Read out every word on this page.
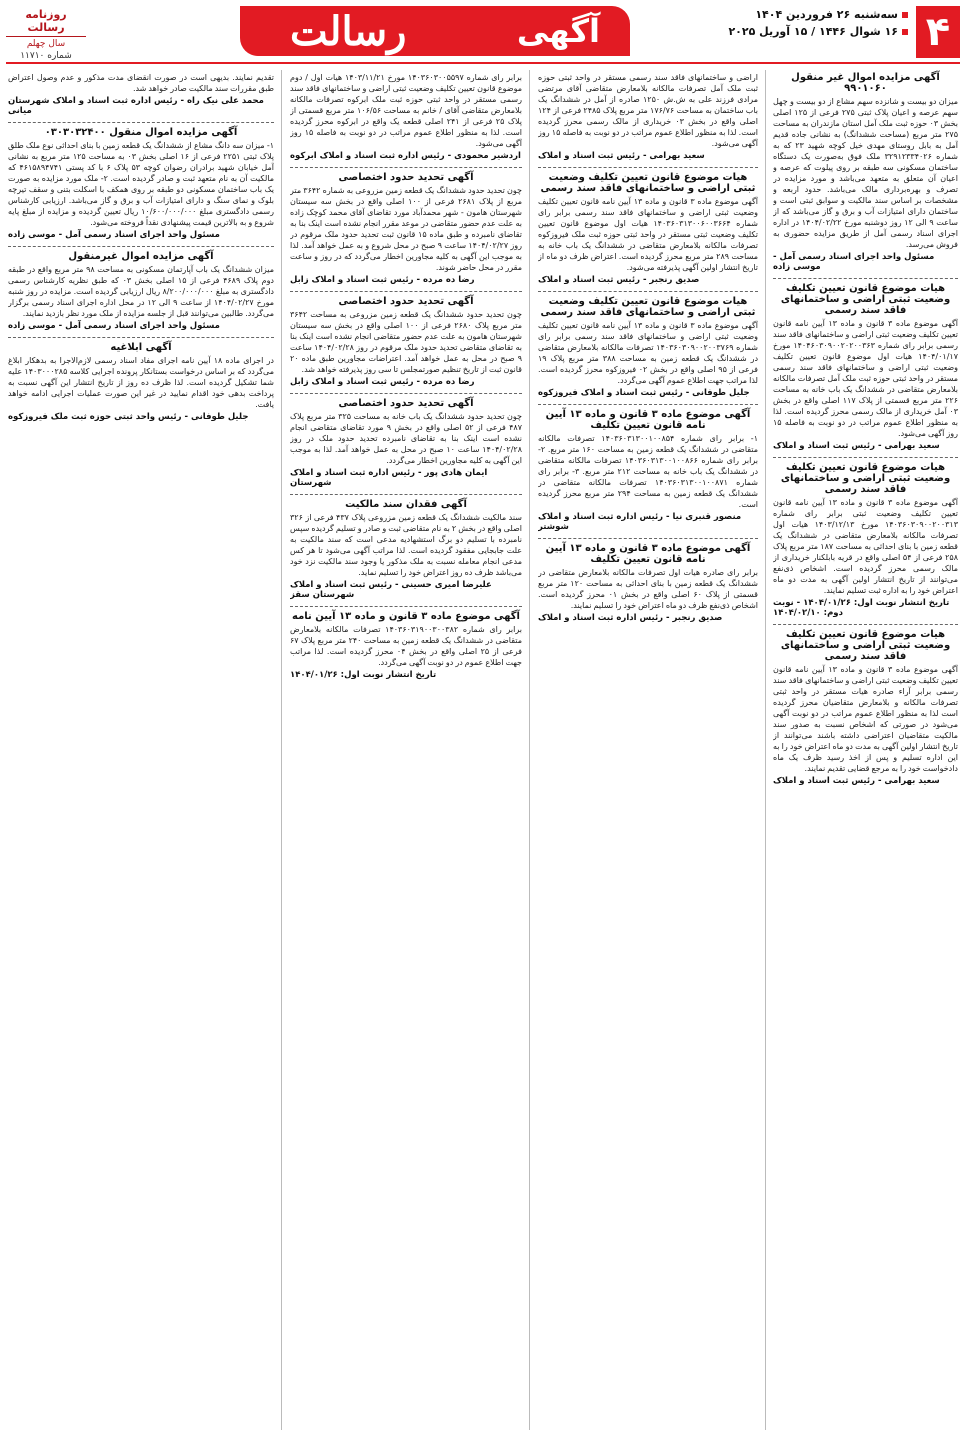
۴
سه‌شنبه ۲۶ فروردین ۱۴۰۴
۱۶ شوال ۱۴۴۶ / ۱۵ آوریل ۲۰۲۵
آگهی
رسالت
روزنامه رسالت
سال چهلم
شماره ۱۱۷۱۰
آگهی مزایده اموال غیر منقول ۹۹۰۱۰۶۰
میزان دو بیست و شانزده سهم مشاع از دو بیست و چهل سهم عرصه و اعیان پلاک ثبتی ۲۷۵ فرعی از ۱۲۵ اصلی بخش ۰۳ حوزه ثبت ملک آمل استان مازندران به مساحت ۲۷۵ متر مربع (مساحت ششدانگ) به نشانی جاده قدیم آمل به بابل روستای مهدی خیل کوچه شهید ۲۳ که به شماره ۳۲۹۱۲۳۳۴۰۲۶ ملک فوق به‌صورت یک دستگاه ساختمان مسکونی سه طبقه بر روی پیلوت که عرصه و اعیان آن متعلق به متعهد می‌باشد و مورد مزایده در تصرف و بهره‌برداری مالک می‌باشد. حدود اربعه و مشخصات بر اساس سند مالکیت و سوابق ثبتی است و ساختمان دارای امتیازات آب و برق و گاز می‌باشد که از ساعت ۹ الی ۱۲ روز دوشنبه مورخ ۱۴۰۴/۰۲/۲۲ در اداره اجرای اسناد رسمی آمل از طریق مزایده حضوری به فروش می‌رسد.
مسئول واحد اجرای اسناد رسمی آمل - موسی زاده
هیات موضوع قانون تعیین تکلیف وضعیت ثبتی اراضی و ساختمانهای فاقد سند رسمی
آگهی موضوع ماده ۳ قانون و ماده ۱۳ آیین نامه قانون تعیین تکلیف وضعیت ثبتی اراضی و ساختمانهای فاقد سند رسمی برابر رای شماره ۱۴۰۴۶۰۳۰۹۰۰۲۰۲۰۰۳۶۳ مورخ ۱۴۰۴/۰۱/۱۷ هیات اول موضوع قانون تعیین تکلیف وضعیت ثبتی اراضی و ساختمانهای فاقد سند رسمی مستقر در واحد ثبتی حوزه ثبت ملک آمل تصرفات مالکانه بلامعارض متقاضی در ششدانگ یک باب خانه به مساحت ۲۲۶ متر مربع قسمتی از پلاک ۱۱۷ اصلی واقع در بخش ۰۳ آمل خریداری از مالک رسمی محرز گردیده است. لذا به منظور اطلاع عموم مراتب در دو نوبت به فاصله ۱۵ روز آگهی می‌شود.
سعید بهرامی - رئیس ثبت اسناد و املاک
هیات موضوع قانون تعیین تکلیف وضعیت ثبتی اراضی و ساختمانهای فاقد سند رسمی
آگهی موضوع ماده ۳ قانون و ماده ۱۳ آیین نامه قانون تعیین تکلیف وضعیت ثبتی برابر رای شماره ۱۴۰۳۶۰۳۰۹۰۰۲۰۰۳۱۳ مورخ ۱۴۰۳/۱۲/۱۳ هیات اول تصرفات مالکانه بلامعارض متقاضی در ششدانگ یک قطعه زمین با بنای احداثی به مساحت ۱۸۷ متر مربع پلاک ۲۵۸ فرعی از ۵۴ اصلی واقع در قریه بابلکنار خریداری از مالک رسمی محرز گردیده است. اشخاص ذی‌نفع می‌توانند از تاریخ انتشار اولین آگهی به مدت دو ماه اعتراض خود را به اداره ثبت تسلیم نمایند.
تاریخ انتشار نوبت اول: ۱۴۰۴/۰۱/۲۶ - نوبت دوم: ۱۴۰۴/۰۲/۱۰
هیات موضوع قانون تعیین تکلیف وضعیت ثبتی اراضی و ساختمانهای فاقد سند رسمی
آگهی موضوع ماده ۳ قانون و ماده ۱۳ آیین نامه قانون تعیین تکلیف وضعیت ثبتی اراضی و ساختمانهای فاقد سند رسمی برابر آراء صادره هیات مستقر در واحد ثبتی تصرفات مالکانه و بلامعارض متقاضیان محرز گردیده است لذا به منظور اطلاع عموم مراتب در دو نوبت آگهی می‌شود در صورتی که اشخاص نسبت به صدور سند مالکیت متقاضیان اعتراضی داشته باشند می‌توانند از تاریخ انتشار اولین آگهی به مدت دو ماه اعتراض خود را به این اداره تسلیم و پس از اخذ رسید ظرف یک ماه دادخواست خود را به مرجع قضایی تقدیم نمایند.
سعید بهرامی - رئیس ثبت اسناد و املاک
اراضی و ساختمانهای فاقد سند رسمی مستقر در واحد ثبتی حوزه ثبت ملک آمل تصرفات مالکانه بلامعارض متقاضی آقای مرتضی مرادی فرزند علی به ش.ش ۱۲۵۰ صادره از آمل در ششدانگ یک باب ساختمان به مساحت ۱۷۶/۷۶ متر مربع پلاک ۲۴۸۵ فرعی از ۱۲۴ اصلی واقع در بخش ۰۳ خریداری از مالک رسمی محرز گردیده است. لذا به منظور اطلاع عموم مراتب در دو نوبت به فاصله ۱۵ روز آگهی می‌شود.
سعید بهرامی - رئیس ثبت اسناد و املاک
هیات موضوع قانون تعیین تکلیف وضعیت ثبتی اراضی و ساختمانهای فاقد سند رسمی
آگهی موضوع ماده ۳ قانون و ماده ۱۳ آیین نامه قانون تعیین تکلیف وضعیت ثبتی اراضی و ساختمانهای فاقد سند رسمی برابر رای شماره ۱۴۰۳۶۰۳۱۳۰۰۶۰۰۳۶۶۴ هیات اول موضوع قانون تعیین تکلیف وضعیت ثبتی مستقر در واحد ثبتی حوزه ثبت ملک فیروزکوه تصرفات مالکانه بلامعارض متقاضی در ششدانگ یک باب خانه به مساحت ۲۸۹ متر مربع محرز گردیده است. اعتراض ظرف دو ماه از تاریخ انتشار اولین آگهی پذیرفته می‌شود.
صدیق رنجبر - رئیس ثبت اسناد و املاک
هیات موضوع قانون تعیین تکلیف وضعیت ثبتی اراضی و ساختمانهای فاقد سند رسمی
آگهی موضوع ماده ۳ قانون و ماده ۱۳ آیین نامه قانون تعیین تکلیف وضعیت ثبتی اراضی و ساختمانهای فاقد سند رسمی برابر رای شماره ۱۴۰۳۶۰۳۰۹۰۰۲۰۰۳۷۶۹ تصرفات مالکانه بلامعارض متقاضی در ششدانگ یک قطعه زمین به مساحت ۳۸۸ متر مربع پلاک ۱۹ فرعی از ۹۵ اصلی واقع در بخش ۰۲ فیروزکوه محرز گردیده است. لذا مراتب جهت اطلاع عموم آگهی می‌گردد.
جلیل طوفانی - رئیس ثبت اسناد و املاک فیروزکوه
آگهی موضوع ماده ۳ قانون و ماده ۱۳ آیین نامه قانون تعیین تکلیف
۱- برابر رای شماره ۱۴۰۳۶۰۳۱۳۰۰۱۰۰۸۵۴ تصرفات مالکانه متقاضی در ششدانگ یک قطعه زمین به مساحت ۱۶۰ متر مربع. ۲- برابر رای شماره ۱۴۰۳۶۰۳۱۳۰۰۱۰۰۸۶۶ تصرفات مالکانه متقاضی در ششدانگ یک باب خانه به مساحت ۲۱۲ متر مربع. ۳- برابر رای شماره ۱۴۰۳۶۰۳۱۳۰۰۱۰۰۸۷۱ تصرفات مالکانه متقاضی در ششدانگ یک قطعه زمین به مساحت ۲۹۴ متر مربع محرز گردیده است.
منصور قنبری نیا - رئیس اداره ثبت اسناد و املاک شوشتر
آگهی موضوع ماده ۳ قانون و ماده ۱۳ آیین نامه قانون تعیین تکلیف
برابر رای صادره هیات اول تصرفات مالکانه بلامعارض متقاضی در ششدانگ یک قطعه زمین با بنای احداثی به مساحت ۱۲۰ متر مربع قسمتی از پلاک ۶۰ اصلی واقع در بخش ۰۱ محرز گردیده است. اشخاص ذی‌نفع ظرف دو ماه اعتراض خود را تسلیم نمایند.
صدیق رنجبر - رئیس اداره ثبت اسناد و املاک
برابر رای شماره ۱۴۰۳۶۰۳۰۰۵۵۹۷ مورخ ۱۴۰۳/۱۱/۲۱ هیات اول / دوم موضوع قانون تعیین تکلیف وضعیت ثبتی اراضی و ساختمانهای فاقد سند رسمی مستقر در واحد ثبتی حوزه ثبت ملک ابرکوه تصرفات مالکانه بلامعارض متقاضی آقای / خانم به مساحت ۱۰۶/۵۶ متر مربع قسمتی از پلاک ۲۵ فرعی از ۲۴۱ اصلی قطعه یک واقع در ابرکوه محرز گردیده است. لذا به منظور اطلاع عموم مراتب در دو نوبت به فاصله ۱۵ روز آگهی می‌شود.
اردشیر محمودی - رئیس اداره ثبت اسناد و املاک ابرکوه
آگهی تحدید حدود اختصاصی
چون تحدید حدود ششدانگ یک قطعه زمین مزروعی به شماره ۳۶۴۲ متر مربع از پلاک ۲۶۸۱ فرعی از ۱۰۰ اصلی واقع در بخش سه سیستان شهرستان هامون - شهر محمدآباد مورد تقاضای آقای محمد کوچک زاده به علت عدم حضور متقاضی در موعد مقرر انجام نشده است اینک بنا به تقاضای نامبرده و طبق ماده ۱۵ قانون ثبت تحدید حدود ملک مرقوم در روز ۱۴۰۴/۰۲/۲۷ ساعت ۹ صبح در محل شروع و به عمل خواهد آمد. لذا به موجب این آگهی به کلیه مجاورین اخطار می‌گردد که در روز و ساعت مقرر در محل حاضر شوند.
رضا ده مرده - رئیس ثبت اسناد و املاک زابل
آگهی تحدید حدود اختصاصی
چون تحدید حدود ششدانگ یک قطعه زمین مزروعی به مساحت ۳۶۴۲ متر مربع پلاک ۲۶۸۰ فرعی از ۱۰۰ اصلی واقع در بخش سه سیستان شهرستان هامون به علت عدم حضور متقاضی انجام نشده است اینک بنا به تقاضای متقاضی تحدید حدود ملک مرقوم در روز ۱۴۰۴/۰۲/۲۸ ساعت ۹ صبح در محل به عمل خواهد آمد. اعتراضات مجاورین طبق ماده ۲۰ قانون ثبت از تاریخ تنظیم صورتمجلس تا سی روز پذیرفته خواهد شد.
رضا ده مرده - رئیس ثبت اسناد و املاک زابل
آگهی تحدید حدود اختصاصی
چون تحدید حدود ششدانگ یک باب خانه به مساحت ۳۲۵ متر مربع پلاک ۴۸۷ فرعی از ۵۲ اصلی واقع در بخش ۹ مورد تقاضای متقاضی انجام نشده است اینک بنا به تقاضای نامبرده تحدید حدود ملک در روز ۱۴۰۴/۰۲/۲۸ ساعت ۱۰ صبح در محل به عمل خواهد آمد. لذا به موجب این آگهی به کلیه مجاورین اخطار می‌گردد.
ایمان هادی پور - رئیس اداره ثبت اسناد و املاک شهرستان
آگهی فقدان سند مالکیت
سند مالکیت ششدانگ یک قطعه زمین مزروعی پلاک ۴۳۷ فرعی از ۳۲۶ اصلی واقع در بخش ۲ به نام متقاضی ثبت و صادر و تسلیم گردیده سپس نامبرده با تسلیم دو برگ استشهادیه مدعی است که سند مالکیت به علت جابجایی مفقود گردیده است. لذا مراتب آگهی می‌شود تا هر کس مدعی انجام معامله نسبت به ملک مذکور یا وجود سند مالکیت نزد خود می‌باشد ظرف ده روز اعتراض خود را تسلیم نماید.
علیرضا امیری حسینی - رئیس ثبت اسناد و املاک شهرستان سقز
آگهی موضوع ماده ۳ قانون و ماده ۱۳ آیین نامه
برابر رای شماره ۱۴۰۳۶۰۳۱۹۰۰۳۰۰۳۸۲ تصرفات مالکانه بلامعارض متقاضی در ششدانگ یک قطعه زمین به مساحت ۲۴۰ متر مربع پلاک ۶۷ فرعی از ۲۵ اصلی واقع در بخش ۰۴ محرز گردیده است. لذا مراتب جهت اطلاع عموم در دو نوبت آگهی می‌گردد.
تاریخ انتشار نوبت اول: ۱۴۰۴/۰۱/۲۶
تقدیم نمایند. بدیهی است در صورت انقضای مدت مذکور و عدم وصول اعتراض طبق مقررات سند مالکیت صادر خواهد شد.
محمد علی نیک راه - رئیس اداره ثبت اسناد و املاک شهرستان میانی
آگهی مزایده اموال منقول ۰۳۰۳۰۳۲۴۰۰
۱- میزان سه دانگ مشاع از ششدانگ یک قطعه زمین با بنای احداثی نوع ملک طلق پلاک ثبتی ۲۲۵۱ فرعی از ۱۶ اصلی بخش ۰۳ به مساحت ۱۲۵ متر مربع به نشانی آمل خیابان شهید برادران رضوان کوچه ۵۳ پلاک ۶ با کد پستی ۴۶۱۵۸۹۴۷۴۱ که مالکیت آن به نام متعهد ثبت و صادر گردیده است. ۲- ملک مورد مزایده به صورت یک باب ساختمان مسکونی دو طبقه بر روی همکف با اسکلت بتنی و سقف تیرچه بلوک و نمای سنگ و دارای امتیازات آب و برق و گاز می‌باشد. ارزیابی کارشناس رسمی دادگستری مبلغ ۱۰/۶۰۰/۰۰۰/۰۰۰ ریال تعیین گردیده و مزایده از مبلغ پایه شروع و به بالاترین قیمت پیشنهادی نقداً فروخته می‌شود.
مسئول واحد اجرای اسناد رسمی آمل - موسی زاده
آگهی مزایده اموال غیرمنقول
میزان ششدانگ یک باب آپارتمان مسکونی به مساحت ۹۸ متر مربع واقع در طبقه دوم پلاک ۴۶۸۹ فرعی از ۱۵ اصلی بخش ۰۳ که طبق نظریه کارشناس رسمی دادگستری به مبلغ ۸/۲۰۰/۰۰۰/۰۰۰ ریال ارزیابی گردیده است. مزایده در روز شنبه مورخ ۱۴۰۴/۰۲/۲۷ از ساعت ۹ الی ۱۲ در محل اداره اجرای اسناد رسمی برگزار می‌گردد. طالبین می‌توانند قبل از جلسه مزایده از ملک مورد نظر بازدید نمایند.
مسئول واحد اجرای اسناد رسمی آمل - موسی زاده
آگهی ابلاغیه
در اجرای ماده ۱۸ آیین نامه اجرای مفاد اسناد رسمی لازم‌الاجرا به بدهکار ابلاغ می‌گردد که بر اساس درخواست بستانکار پرونده اجرایی کلاسه ۱۴۰۳۰۰۰۲۸۵ علیه شما تشکیل گردیده است. لذا ظرف ده روز از تاریخ انتشار این آگهی نسبت به پرداخت بدهی خود اقدام نمایید در غیر این صورت عملیات اجرایی ادامه خواهد یافت.
جلیل طوفانی - رئیس واحد ثبتی حوزه ثبت ملک فیروزکوه
